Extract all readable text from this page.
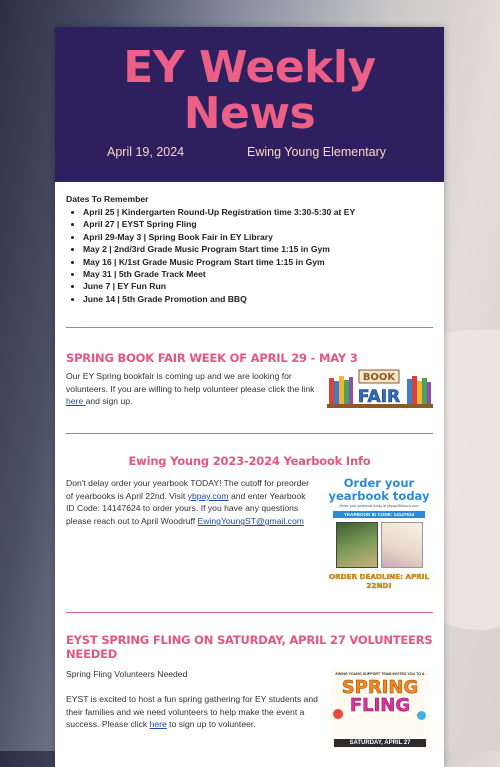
EY Weekly News
April 19, 2024	Ewing Young Elementary
Dates To Remember
• April 25 | Kindergarten Round-Up Registration time 3:30-5:30 at EY
• April 27 | EYST Spring Fling
• April 29-May 3 | Spring Book Fair in EY Library
• May 2 | 2nd/3rd Grade Music Program Start time 1:15 in Gym
• May 16 | K/1st Grade Music Program Start time 1:15 in Gym
• May 31 | 5th Grade Track Meet
• June 7 | EY Fun Run
• June 14 | 5th Grade Promotion and BBQ
SPRING BOOK FAIR WEEK OF APRIL 29 - MAY 3
Our EY Spring bookfair is coming up and we are looking for volunteers. If you are willing to help volunteer please click the link here and sign up.
BOOK
FAIR
Ewing Young 2023-2024 Yearbook Info
Don't delay order your yearbook TODAY! The cutoff for preorder of yearbooks is April 22nd. Visit ybpay.com and enter Yearbook ID Code: 14147624 to order yours. If you have any questions please reach out to April Woodruff EwingYoungST@gmail.com
Order your yearbook today
Order your yearbook today at ybpay.lifetouch.com
YEARBOOK ID CODE: 14147624
ORDER DEADLINE: APRIL 22ND!
EYST SPRING FLING ON SATURDAY, APRIL 27 VOLUNTEERS NEEDED
Spring Fling Volunteers Needed
EYST is excited to host a fun spring gathering for EY students and their families and we need volunteers to help make the event a success. Please click here to sign up to volunteer.
EWING YOUNG SUPPORT TEAM INVITES YOU TO A
SPRING
FLING
SATURDAY, APRIL 27
